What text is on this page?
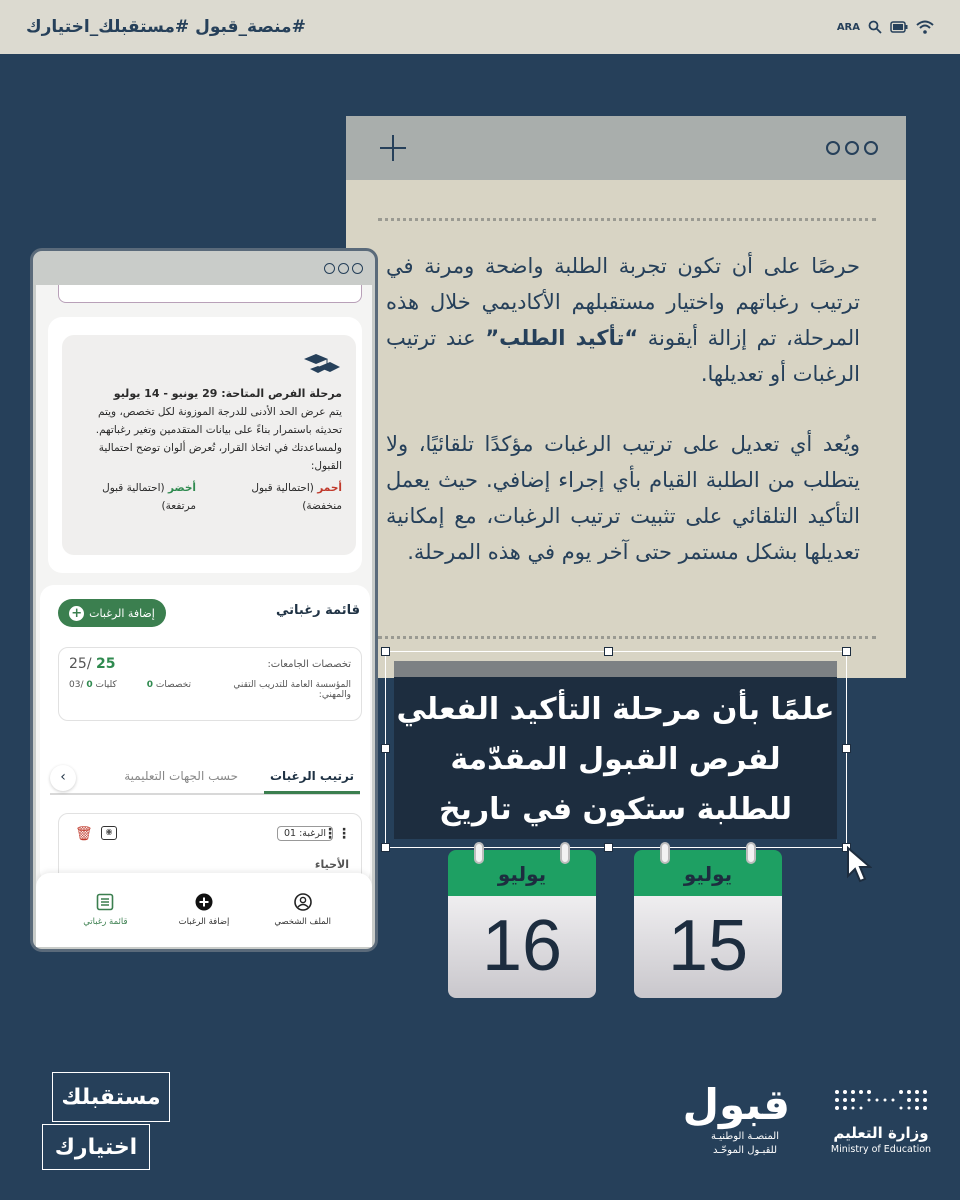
#منصة_قبول #مستقبلك_اختيارك	ARA
حرصًا على أن تكون تجربة الطلبة واضحة ومرنة في ترتيب رغباتهم واختيار مستقبلهم الأكاديمي خلال هذه المرحلة، تم إزالة أيقونة “تأكيد الطلب” عند ترتيب الرغبات أو تعديلها.
ويُعد أي تعديل على ترتيب الرغبات مؤكدًا تلقائيًا، ولا يتطلب من الطلبة القيام بأي إجراء إضافي. حيث يعمل التأكيد التلقائي على تثبيت ترتيب الرغبات، مع إمكانية تعديلها بشكل مستمر حتى آخر يوم في هذه المرحلة.
مرحلة الفرص المتاحة: 29 يونيو - 14 يوليو
يتم عرض الحد الأدنى للدرجة الموزونة لكل تخصص، ويتم تحديثه باستمرار بناءً على بيانات المتقدمين وتغير رغباتهم. ولمساعدتك في اتخاذ القرار، تُعرض ألوان توضح احتمالية القبول:
أحمر (احتمالية قبول منخفضة)
أخضر (احتمالية قبول مرتفعة)
قائمة رغباتي
إضافة الرغبات
+
تخصصات الجامعات:
25 /25
المؤسسة العامة للتدريب التقني والمهني:
تخصصات 0
كليات 0 /03
ترتيب الرغبات
حسب الجهات التعليمية
›
⋮⋮
الرغبة: 01
🗑	◉
الأحياء
الملف الشخصي
إضافة الرغبات
قائمة رغباتي
علمًا بأن مرحلة التأكيد الفعلي
لفرص القبول المقدّمة
للطلبة ستكون في تاريخ
يوليو
16
يوليو
15
مستقبلك
اختيارك
قبول
المنصـة الوطنيـة
للقبـول الموحّـد
وزارة التعليم
Ministry of Education
